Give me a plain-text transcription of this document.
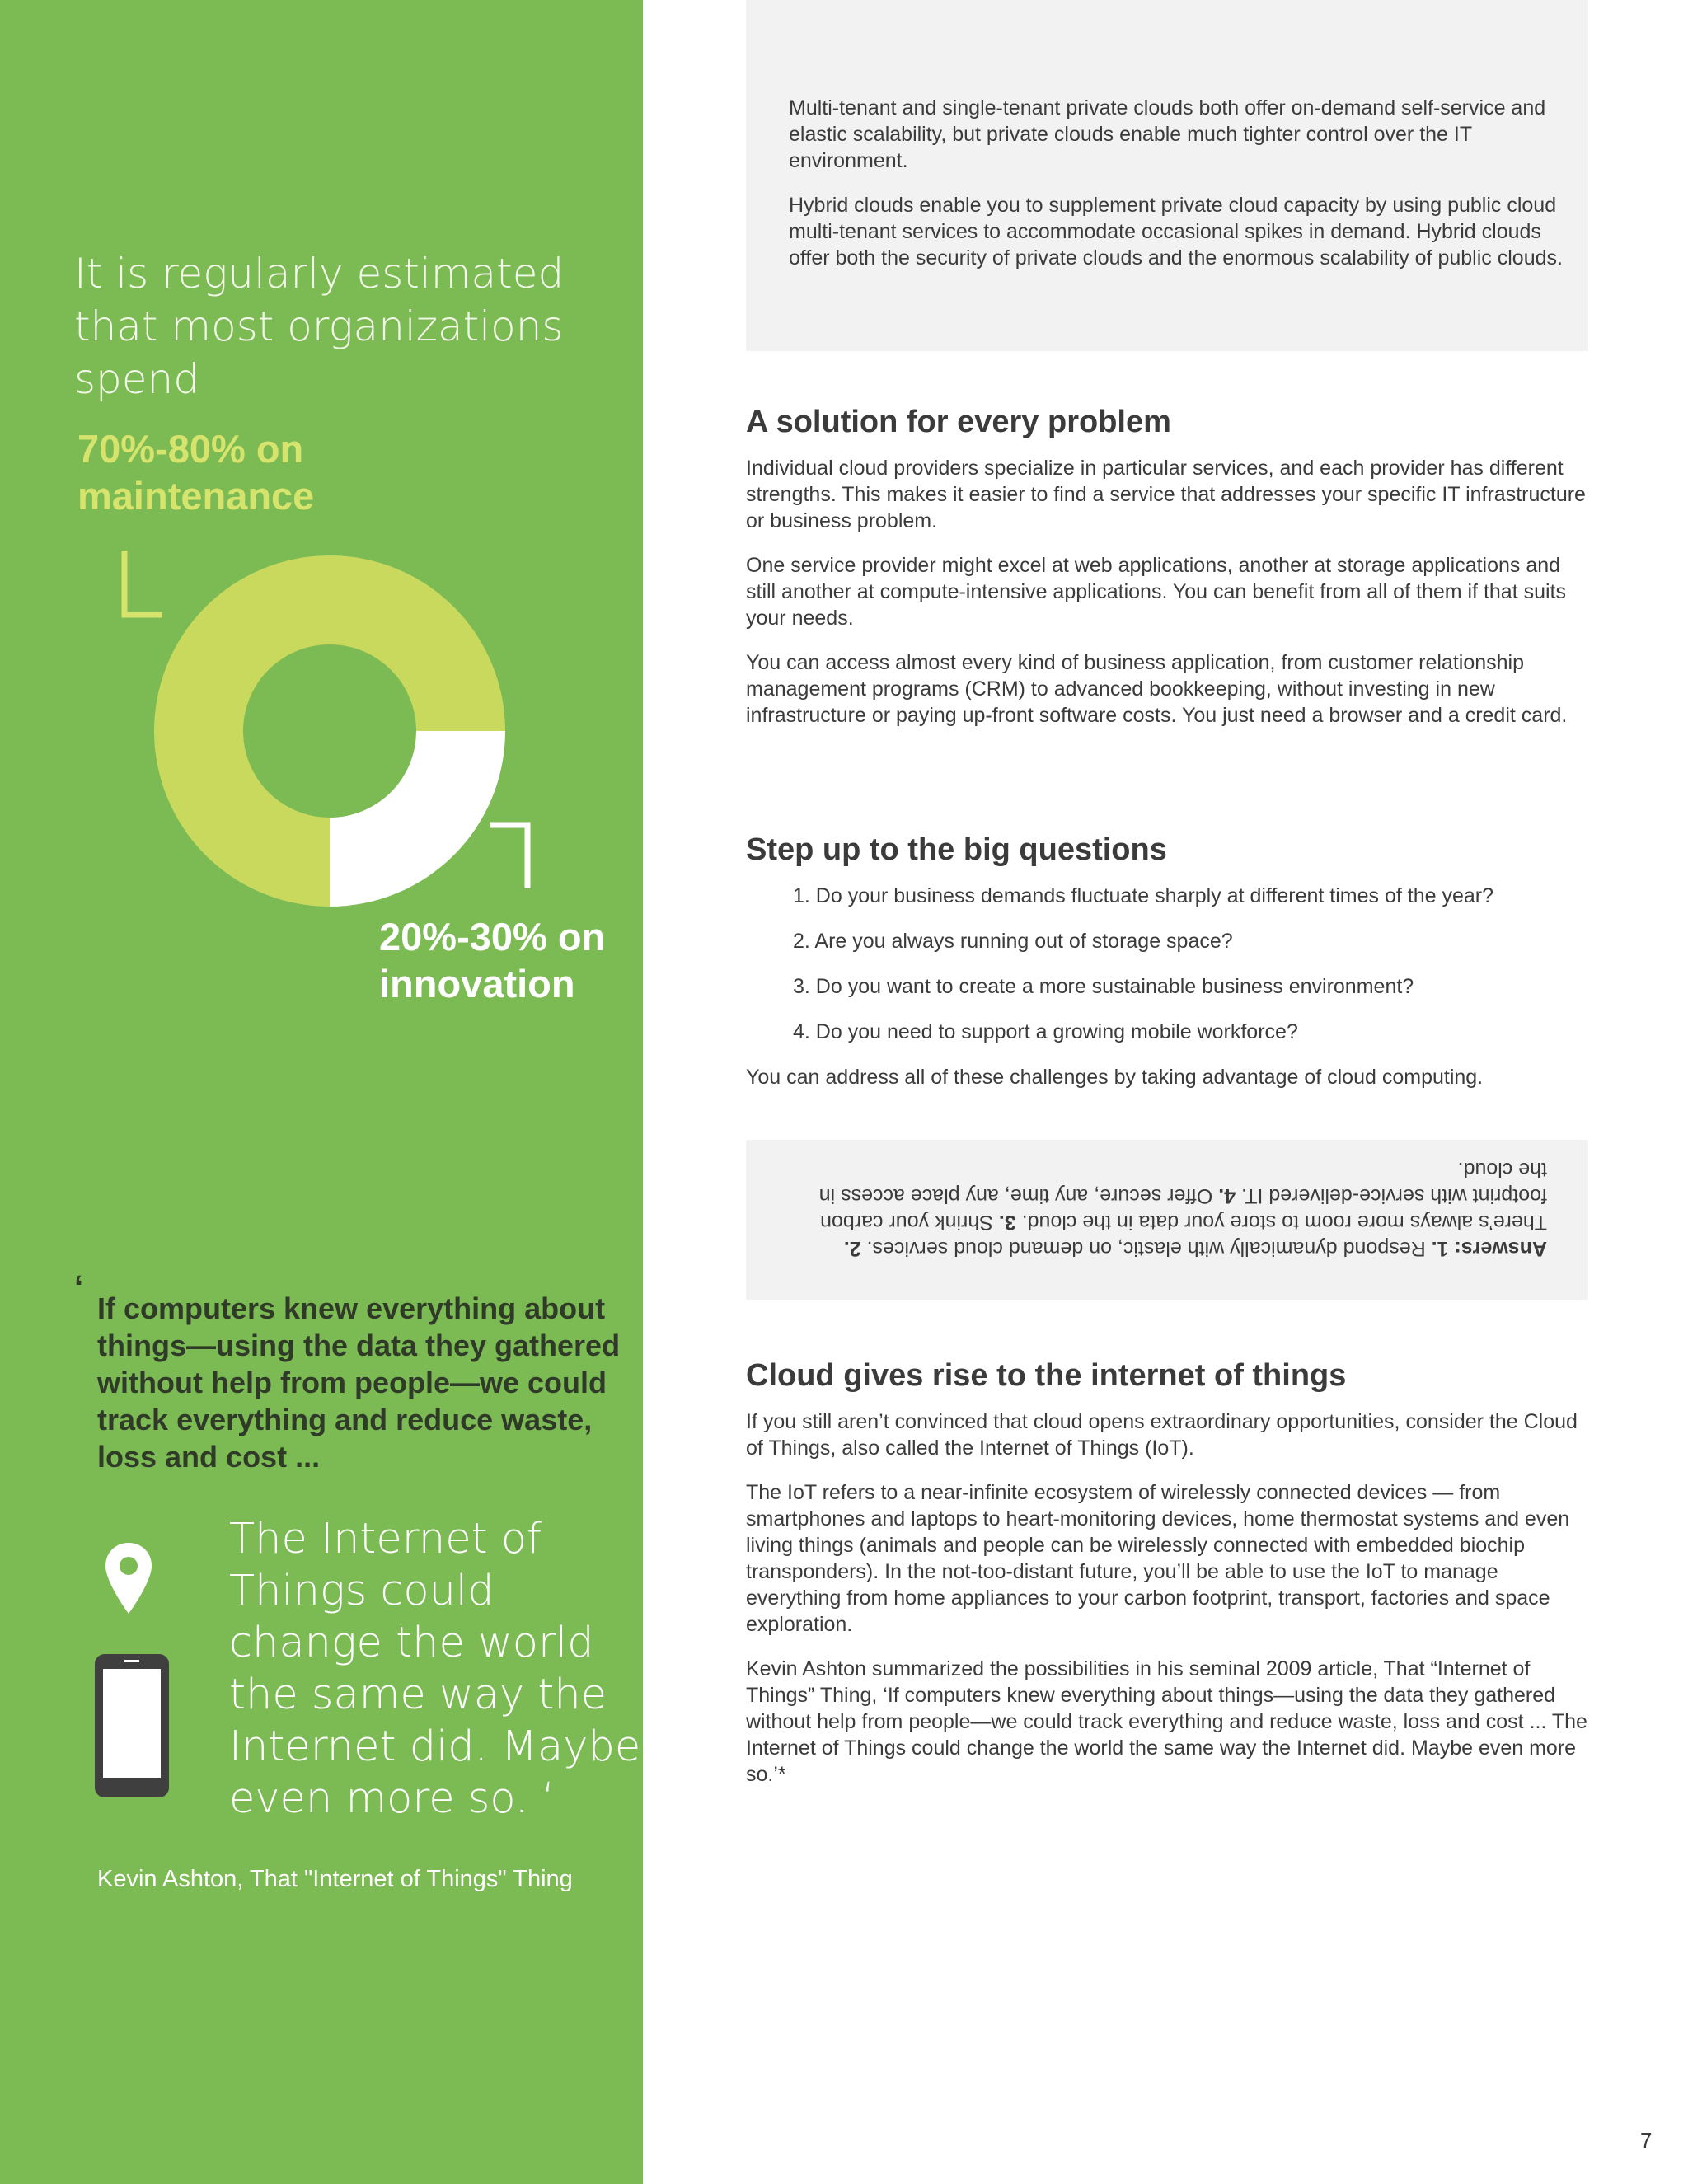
It is regularly estimated that most organizations spend

70%-80% on maintenance

20%-30% on innovation

‘

If computers knew everything about things—using the data they gathered without help from people—we could track everything and reduce waste, loss and cost ...

The Internet of Things could change the world the same way the Internet did. Maybe even more so. ‘

Kevin Ashton, That "Internet of Things" Thing

Multi-tenant and single-tenant private clouds both offer on-demand self-service and elastic scalability, but private clouds enable much tighter control over the IT environment.

Hybrid clouds enable you to supplement private cloud capacity by using public cloud multi-tenant services to accommodate occasional spikes in demand. Hybrid clouds offer both the security of private clouds and the enormous scalability of public clouds.

A solution for every problem

Individual cloud providers specialize in particular services, and each provider has different strengths. This makes it easier to find a service that addresses your specific IT infrastructure or business problem.

One service provider might excel at web applications, another at storage applications and still another at compute-intensive applications. You can benefit from all of them if that suits your needs.

You can access almost every kind of business application, from customer relationship management programs (CRM) to advanced bookkeeping, without investing in new infrastructure or paying up-front software costs. You just need a browser and a credit card.

Step up to the big questions
1. Do your business demands fluctuate sharply at different times of the year?
2. Are you always running out of storage space?
3. Do you want to create a more sustainable business environment?
4. Do you need to support a growing mobile workforce?

You can address all of these challenges by taking advantage of cloud computing.

Answers: 1. Respond dynamically with elastic, on demand cloud services. 2. There’s always more room to store your data in the cloud. 3. Shrink your carbon footprint with service-delivered IT. 4. Offer secure, any time, any place access in the cloud.

Cloud gives rise to the internet of things

If you still aren’t convinced that cloud opens extraordinary opportunities, consider the Cloud of Things, also called the Internet of Things (IoT).

The IoT refers to a near-infinite ecosystem of wirelessly connected devices — from smartphones and laptops to heart-monitoring devices, home thermostat systems and even living things (animals and people can be wirelessly connected with embedded biochip transponders). In the not-too-distant future, you’ll be able to use the IoT to manage everything from home appliances to your carbon footprint, transport, factories and space exploration.

Kevin Ashton summarized the possibilities in his seminal 2009 article, That “Internet of Things” Thing, ‘If computers knew everything about things—using the data they gathered without help from people—we could track everything and reduce waste, loss and cost ... The Internet of Things could change the world the same way the Internet did. Maybe even more so.’*

7
